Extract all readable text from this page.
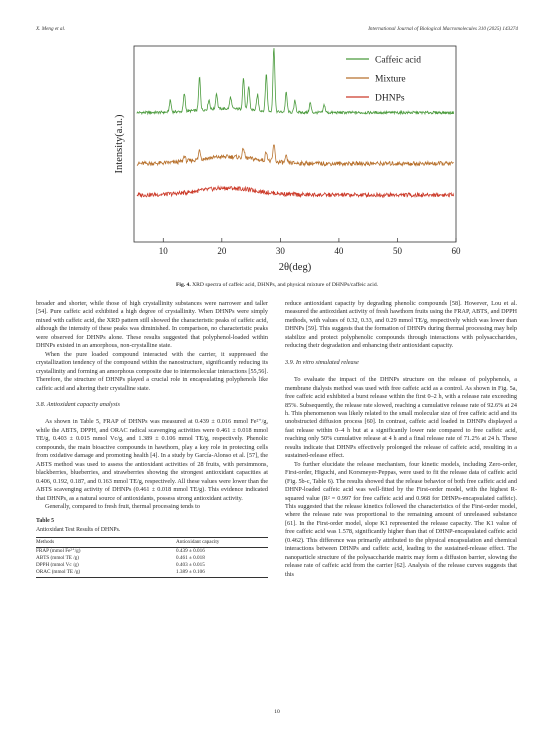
X. Meng et al.	International Journal of Biological Macromolecules 310 (2025) 143274
10	20	30	40	50	60
2θ(deg)
Intensity(a.u.)
Caffeic acid
Mixture
DHNPs
Fig. 4. XRD spectra of caffeic acid, DHNPs, and physical mixture of DHNPs/caffeic acid.

broader and shorter, while those of high crystallinity substances were narrower and taller [54]. Pure caffeic acid exhibited a high degree of crystallinity. When DHNPs were simply mixed with caffeic acid, the XRD pattern still showed the characteristic peaks of caffeic acid, although the intensity of these peaks was diminished. In comparison, no characteristic peaks were observed for DHNPs alone. These results suggested that polyphenol-loaded within DHNPs existed in an amorphous, non-crystalline state.

When the pure loaded compound interacted with the carrier, it suppressed the crystallization tendency of the compound within the nanostructure, significantly reducing its crystallinity and forming an amorphous composite due to intermolecular interactions [55,56]. Therefore, the structure of DHNPs played a crucial role in encapsulating polyphenols like caffeic acid and altering their crystalline state.

3.8. Antioxidant capacity analysis

As shown in Table 5, FRAP of DHNPs was measured at 0.439 ± 0.016 mmol Fe²⁺/g, while the ABTS, DPPH, and ORAC radical scavenging activities were 0.461 ± 0.018 mmol TE/g, 0.403 ± 0.015 mmol Vc/g, and 1.389 ± 0.106 mmol TE/g, respectively. Phenolic compounds, the main bioactive compounds in hawthorn, play a key role in protecting cells from oxidative damage and promoting health [4]. In a study by García-Alonso et al. [57], the ABTS method was used to assess the antioxidant activities of 28 fruits, with persimmons, blackberries, blueberries, and strawberries showing the strongest antioxidant capacities at 0.406, 0.192, 0.187, and 0.163 mmol TE/g, respectively. All these values were lower than the ABTS scavenging activity of DHNPs (0.461 ± 0.018 mmol TE/g). This evidence indicated that DHNPs, as a natural source of antioxidants, possess strong antioxidant activity.

Generally, compared to fresh fruit, thermal processing tends to

Table 5
Antioxidant Test Results of DHNPs.
Methods	Antioxidant capacity
FRAP (mmol Fe²⁺/g)	0.439 ± 0.016
ABTS (mmol TE /g)	0.461 ± 0.018
DPPH (mmol Vc /g)	0.403 ± 0.015
ORAC (mmol TE /g)	1.389 ± 0.106

reduce antioxidant capacity by degrading phenolic compounds [58]. However, Lou et al. measured the antioxidant activity of fresh hawthorn fruits using the FRAP, ABTS, and DPPH methods, with values of 0.32, 0.33, and 0.29 mmol TE/g, respectively which was lower than DHNPs [59]. This suggests that the formation of DHNPs during thermal processing may help stabilize and protect polyphenolic compounds through interactions with polysaccharides, reducing their degradation and enhancing their antioxidant capacity.

3.9. In vitro simulated release

To evaluate the impact of the DHNPs structure on the release of polyphenols, a membrane dialysis method was used with free caffeic acid as a control. As shown in Fig. 5a, free caffeic acid exhibited a burst release within the first 0–2 h, with a release rate exceeding 85%. Subsequently, the release rate slowed, reaching a cumulative release rate of 92.6% at 24 h. This phenomenon was likely related to the small molecular size of free caffeic acid and its unobstructed diffusion process [60]. In contrast, caffeic acid loaded in DHNPs displayed a fast release within 0–4 h but at a significantly lower rate compared to free caffeic acid, reaching only 50% cumulative release at 4 h and a final release rate of 71.2% at 24 h. These results indicate that DHNPs effectively prolonged the release of caffeic acid, resulting in a sustained-release effect.

To further elucidate the release mechanism, four kinetic models, including Zero-order, First-order, Higuchi, and Korsmeyer-Peppas, were used to fit the release data of caffeic acid (Fig. 5b-c, Table 6). The results showed that the release behavior of both free caffeic acid and DHNP-loaded caffeic acid was well-fitted by the First-order model, with the highest R-squared value (R² = 0.997 for free caffeic acid and 0.968 for DHNPs-encapsulated caffeic). This suggested that the release kinetics followed the characteristics of the First-order model, where the release rate was proportional to the remaining amount of unreleased substance [61]. In the First-order model, slope K1 represented the release capacity. The K1 value of free caffeic acid was 1.578, significantly higher than that of DHNP-encapsulated caffeic acid (0.462). This difference was primarily attributed to the physical encapsulation and chemical interactions between DHNPs and caffeic acid, leading to the sustained-release effect. The nanoparticle structure of the polysaccharide matrix may form a diffusion barrier, slowing the release rate of caffeic acid from the carrier [62]. Analysis of the release curves suggests that this

10
